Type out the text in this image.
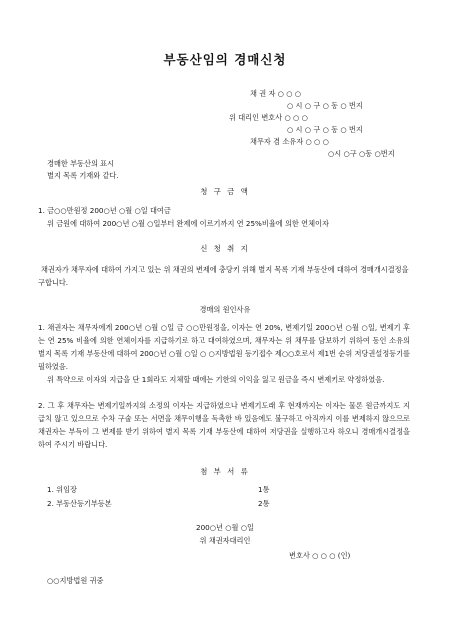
부동산임의 경매신청
채 권 자 ○ ○ ○
○ 시 ○ 구 ○ 동 ○ 번지
위 대리인 변호사 ○ ○ ○
○ 시 ○ 구 ○ 동 ○ 번지
채무자 겸 소유자 ○ ○ ○
○시 ○구 ○동 ○번지
경매한 부동산의 표시
별지 목록 기재와 같다.
청 구 금 액
1. 금○○만원정 200○년 ○월 ○일 대여금
위 금원에 대하여 200○년 ○월 ○일부터 완제에 이르기까지 연 25%비율에 의한 연체이자
신 청 취 지
채권자가 채무자에 대하여 가지고 있는 위 채권의 변제에 충당키 위해 별지 목록 기재 부동산에 대하여 경매개시결정을 구합니다.
경매의 원인사유
1. 채권자는 채무자에게 200○년 ○월 ○일 금 ○○만원정을, 이자는 연 20%, 변제기일 200○년 ○월 ○일, 변제기 후는 연 25% 비율에 의한 연체이자를 지급하기로 하고 대여하였으며, 채무자는 위 채무를 담보하기 위하여 동인 소유의 별지 목록 기재 부동산에 대하여 200○년 ○월 ○일 ○ ○지방법원 등기접수 제○○호로서 제1번 순위 저당권설정등기를 필하였음.
위 특약으로 이자의 지급을 단 1회라도 지체할 때에는 기한의 이익을 잃고 원금을 즉시 변제키로 약정하였음.
2. 그 후 채무자는 변제기일까지의 소정의 이자는 지급하였으나 변제기도래 후 현재까지는 이자는 물론 원금까지도 지급치 않고 있으므로 수차 구술 또는 서면을 채무이행을 독촉한 바 있음에도 불구하고 아직까지 이를 변제하지 않으므로 채권자는 부득이 그 변제를 받기 위하여 별지 목록 기재 부동산에 대하여 저당권을 실행하고자 하오니 경매개시결정을 하여 주시기 바랍니다.
첨 부 서 류
1. 위임장	1통
2. 부동산등기부등본	2통
200○년 ○월 ○일
위 채권자대리인
변호사 ○ ○ ○ (인)
○○지방법원 귀중
